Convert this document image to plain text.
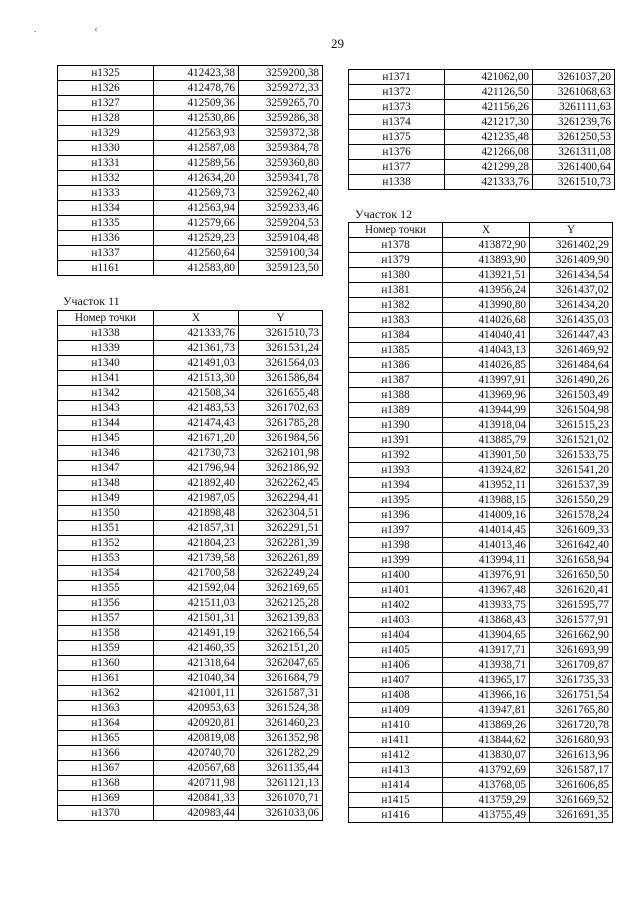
. ‹
29
н1325	412423,38	3259200,38
н1326	412478,76	3259272,33
н1327	412509,36	3259265,70
н1328	412530,86	3259286,38
н1329	412563,93	3259372,38
н1330	412587,08	3259384,78
н1331	412589,56	3259360,80
н1332	412634,20	3259341,78
н1333	412569,73	3259262,40
н1334	412563,94	3259233,46
н1335	412579,66	3259204,53
н1336	412529,23	3259104,48
н1337	412560,64	3259100,34
н1161	412583,80	3259123,50
Участок 11
Номер точки	X	Y
н1338	421333,76	3261510,73
н1339	421361,73	3261531,24
н1340	421491,03	3261564,03
н1341	421513,30	3261586,84
н1342	421508,34	3261655,48
н1343	421483,53	3261702,63
н1344	421474,43	3261785,28
н1345	421671,20	3261984,56
н1346	421730,73	3262101,98
н1347	421796,94	3262186,92
н1348	421892,40	3262262,45
н1349	421987,05	3262294,41
н1350	421898,48	3262304,51
н1351	421857,31	3262291,51
н1352	421804,23	3262281,39
н1353	421739,58	3262261,89
н1354	421700,58	3262249,24
н1355	421592,04	3262169,65
н1356	421511,03	3262125,28
н1357	421501,31	3262139,83
н1358	421491,19	3262166,54
н1359	421460,35	3262151,20
н1360	421318,64	3262047,65
н1361	421040,34	3261684,79
н1362	421001,11	3261587,31
н1363	420953,63	3261524,38
н1364	420920,81	3261460,23
н1365	420819,08	3261352,98
н1366	420740,70	3261282,29
н1367	420567,68	3261135,44
н1368	420711,98	3261121,13
н1369	420841,33	3261070,71
н1370	420983,44	3261033,06
н1371	421062,00	3261037,20
н1372	421126,50	3261068,63
н1373	421156,26	3261111,63
н1374	421217,30	3261239,76
н1375	421235,48	3261250,53
н1376	421266,08	3261311,08
н1377	421299,28	3261400,64
н1338	421333,76	3261510,73
Участок 12
Номер точки	X	Y
н1378	413872,90	3261402,29
н1379	413893,90	3261409,90
н1380	413921,51	3261434,54
н1381	413956,24	3261437,02
н1382	413990,80	3261434,20
н1383	414026,68	3261435,03
н1384	414040,41	3261447,43
н1385	414043,13	3261469,92
н1386	414026,85	3261484,64
н1387	413997,91	3261490,26
н1388	413969,96	3261503,49
н1389	413944,99	3261504,98
н1390	413918,04	3261515,23
н1391	413885,79	3261521,02
н1392	413901,50	3261533,75
н1393	413924,82	3261541,20
н1394	413952,11	3261537,39
н1395	413988,15	3261550,29
н1396	414009,16	3261578,24
н1397	414014,45	3261609,33
н1398	414013,46	3261642,40
н1399	413994,11	3261658,94
н1400	413976,91	3261650,50
н1401	413967,48	3261620,41
н1402	413933,75	3261595,77
н1403	413868,43	3261577,91
н1404	413904,65	3261662,90
н1405	413917,71	3261693,99
н1406	413938,71	3261709,87
н1407	413965,17	3261735,33
н1408	413966,16	3261751,54
н1409	413947,81	3261765,80
н1410	413869,26	3261720,78
н1411	413844,62	3261680,93
н1412	413830,07	3261613,96
н1413	413792,69	3261587,17
н1414	413768,05	3261606,85
н1415	413759,29	3261669,52
н1416	413755,49	3261691,35
